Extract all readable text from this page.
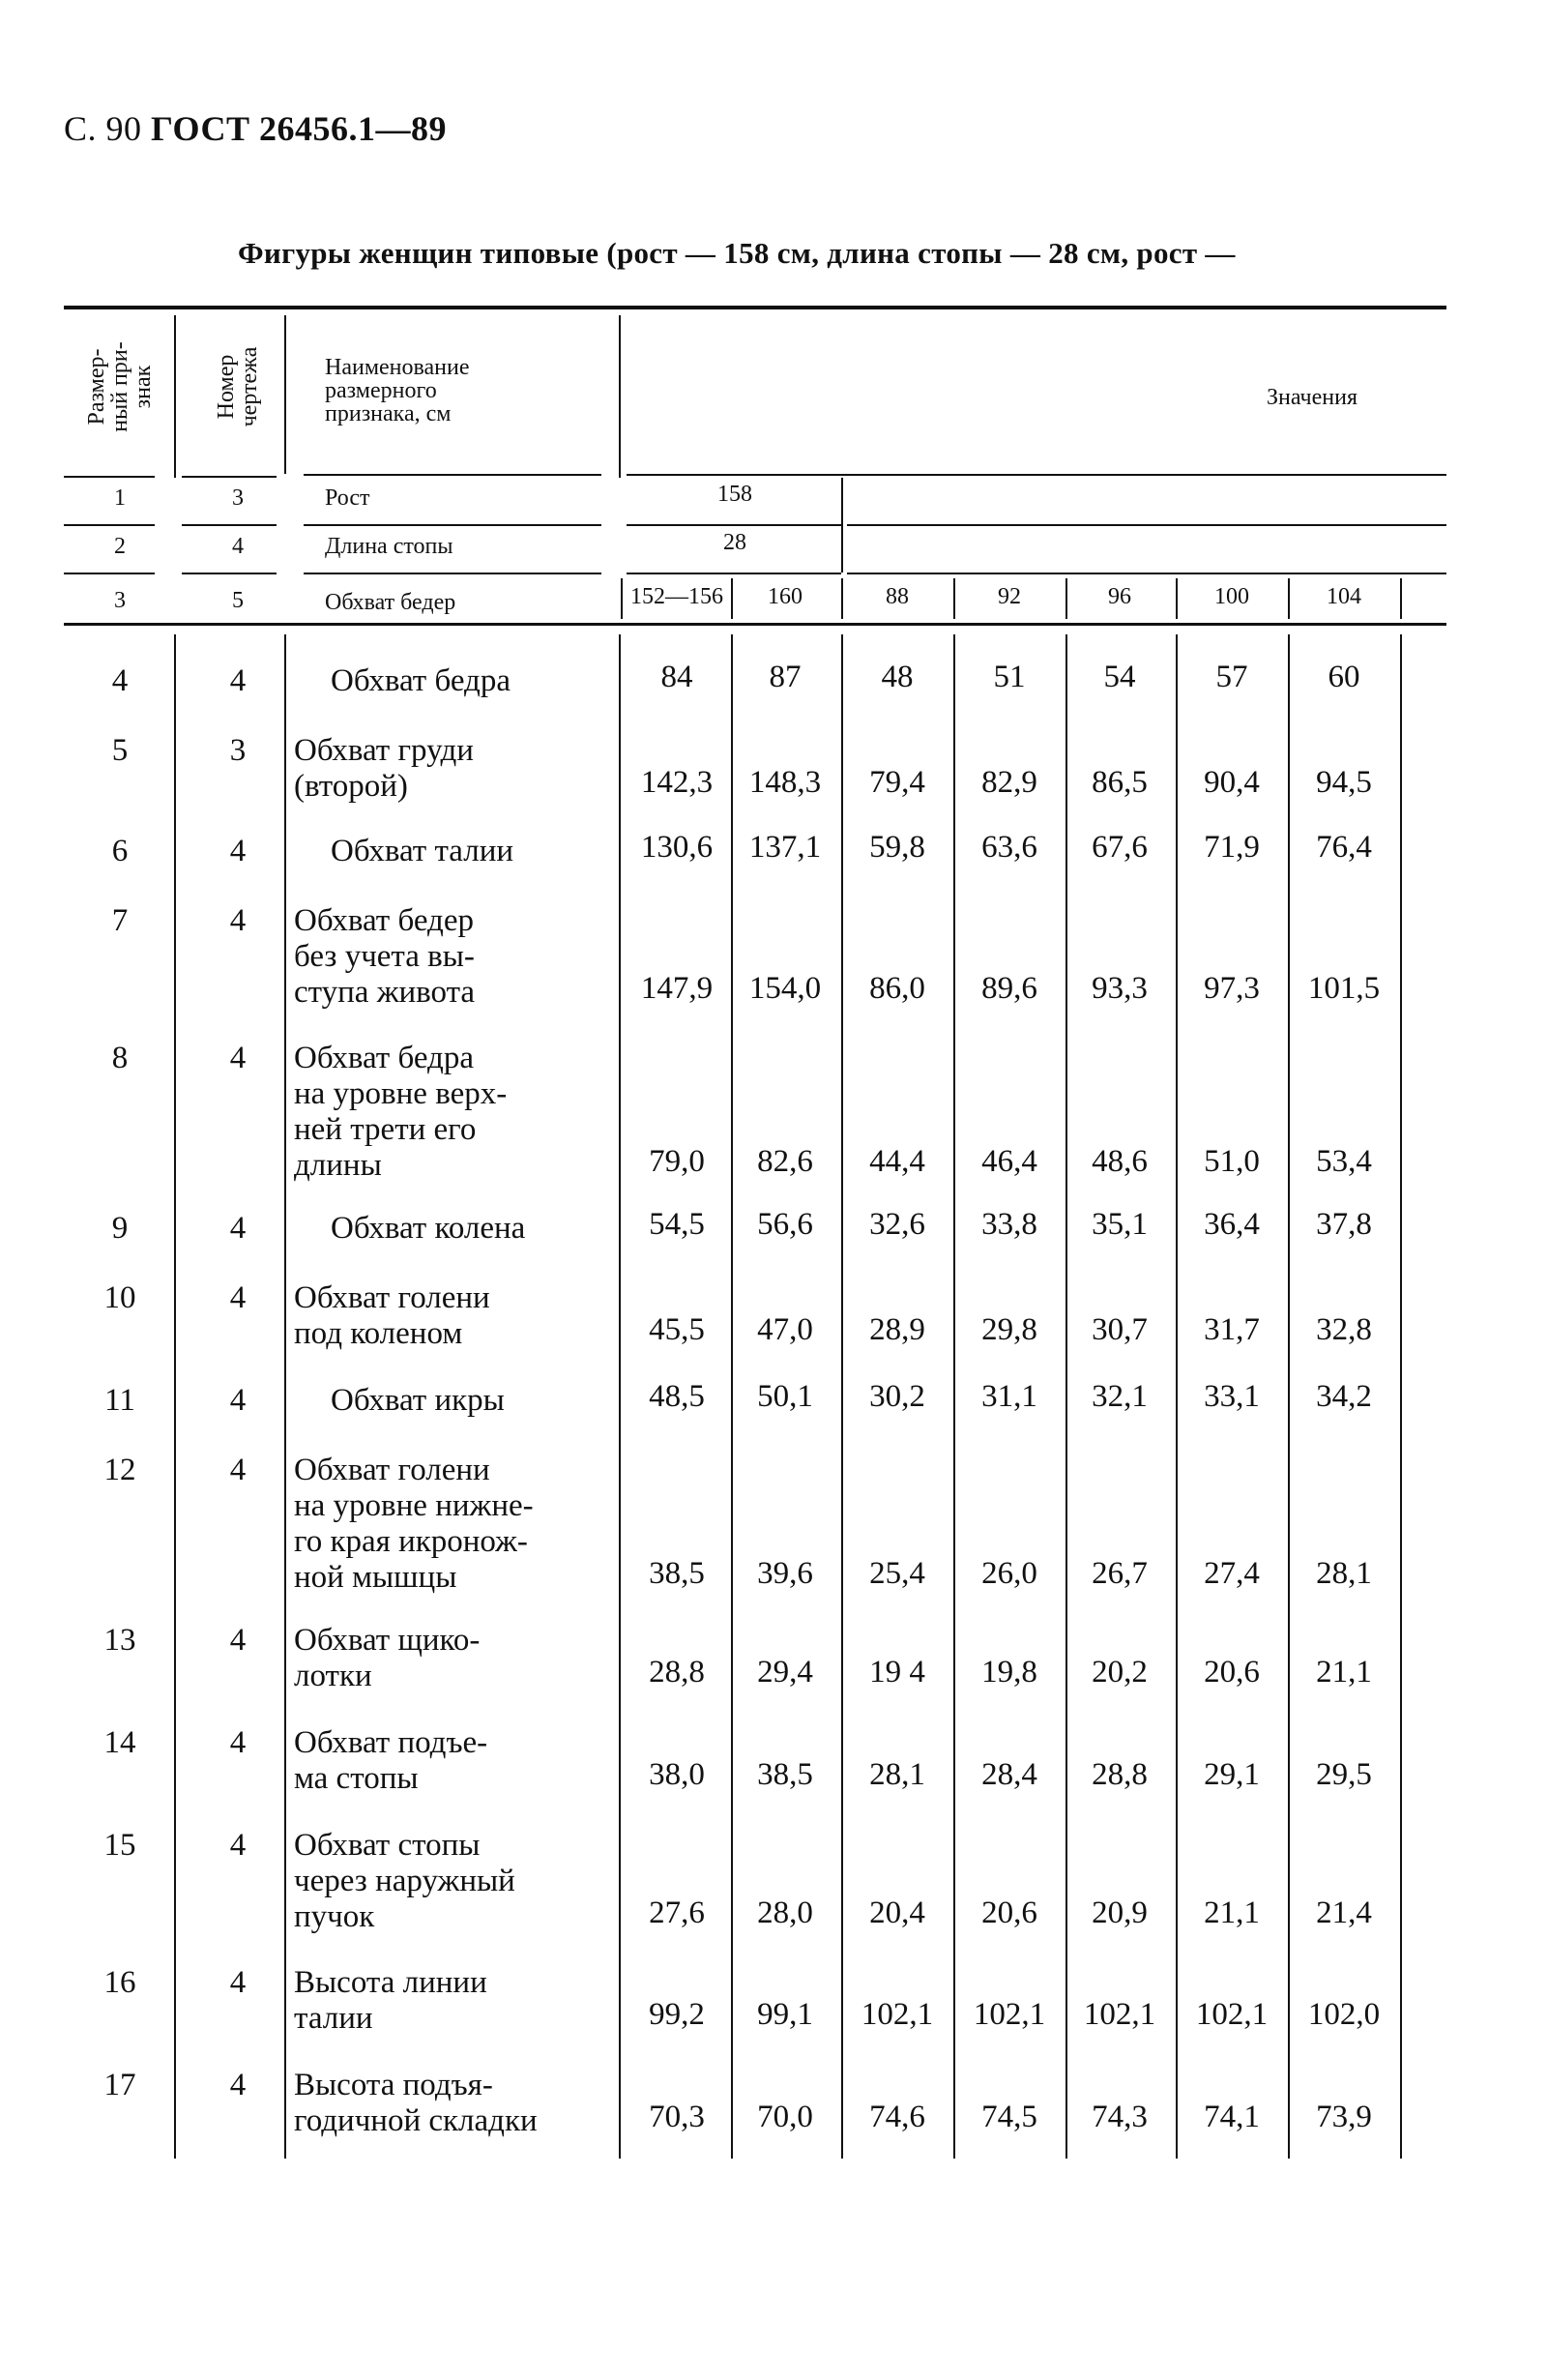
С. 90 ГОСТ 26456.1—89
Фигуры женщин типовые (рост — 158 см, длина стопы — 28 см, рост —
Размер-
ный при-
знак	Номер
чертежа	Наименование
размерного
признака, см
Значения
1	3	Рост	158
2	4	Длина стопы	28
3	5	Обхват бедер	152—156	160	88	92	96	100	104
4	4	Обхват бедра	84	87	48	51	54	57	60
5	3	Обхват груди
(второй)	142,3	148,3	79,4	82,9	86,5	90,4	94,5
6	4	Обхват талии	130,6	137,1	59,8	63,6	67,6	71,9	76,4
7	4	Обхват бедер
без учета вы-
ступа живота	147,9	154,0	86,0	89,6	93,3	97,3	101,5
8	4	Обхват бедра
на уровне верх-
ней трети его
длины	79,0	82,6	44,4	46,4	48,6	51,0	53,4
9	4	Обхват колена	54,5	56,6	32,6	33,8	35,1	36,4	37,8
10	4	Обхват голени
под коленом	45,5	47,0	28,9	29,8	30,7	31,7	32,8
11	4	Обхват икры	48,5	50,1	30,2	31,1	32,1	33,1	34,2
12	4	Обхват голени
на уровне нижне-
го края икронож-
ной мышцы	38,5	39,6	25,4	26,0	26,7	27,4	28,1
13	4	Обхват щико-
лотки	28,8	29,4	19 4	19,8	20,2	20,6	21,1
14	4	Обхват подъе-
ма стопы	38,0	38,5	28,1	28,4	28,8	29,1	29,5
15	4	Обхват стопы
через наружный
пучок	27,6	28,0	20,4	20,6	20,9	21,1	21,4
16	4	Высота линии
талии	99,2	99,1	102,1	102,1	102,1	102,1	102,0
17	4	Высота подъя-
годичной складки	70,3	70,0	74,6	74,5	74,3	74,1	73,9
